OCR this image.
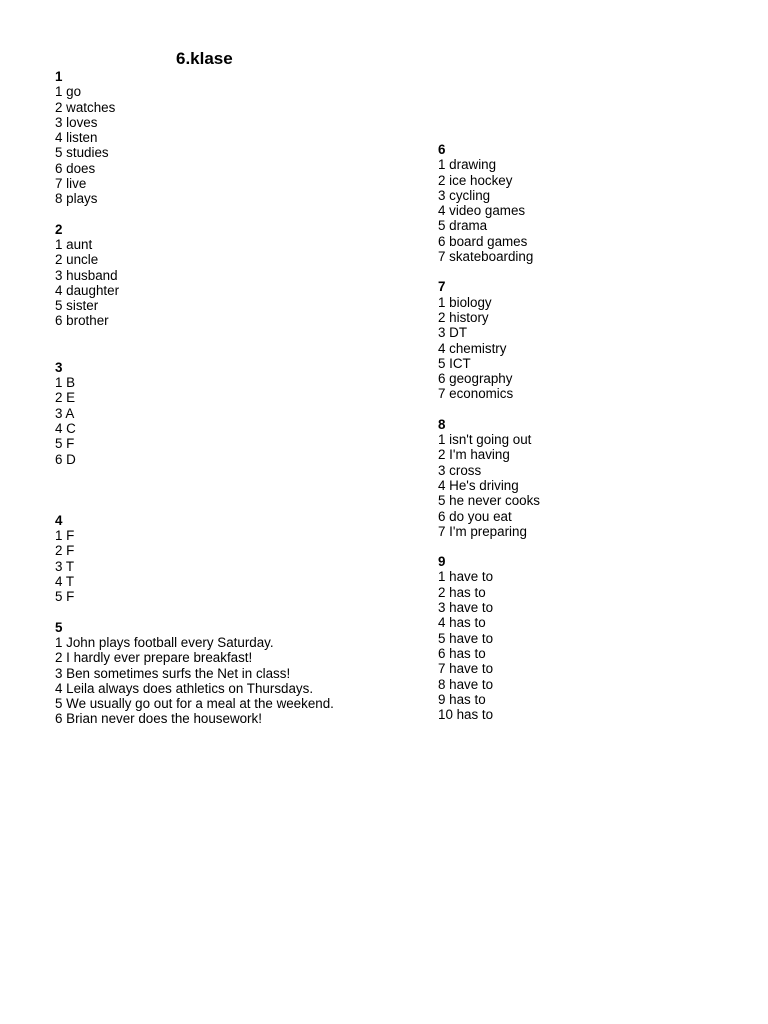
6.klase
1
1 go
2 watches
3 loves
4 listen
5 studies
6 does
7 live
8 plays
2
1 aunt
2 uncle
3 husband
4 daughter
5 sister
6 brother
3
1 B
2 E
3 A
4 C
5 F
6 D
4
1 F
2 F
3 T
4 T
5 F
5
1 John plays football every Saturday.
2 I hardly ever prepare breakfast!
3 Ben sometimes surfs the Net in class!
4 Leila always does athletics on Thursdays.
5 We usually go out for a meal at the weekend.
6 Brian never does the housework!
6
1 drawing
2 ice hockey
3 cycling
4 video games
5 drama
6 board games
7 skateboarding
7
1 biology
2 history
3 DT
4 chemistry
5 ICT
6 geography
7 economics
8
1 isn't going out
2 I'm having
3 cross
4 He's driving
5 he never cooks
6 do you eat
7 I'm preparing
9
1 have to
2 has to
3 have to
4 has to
5 have to
6 has to
7 have to
8 have to
9 has to
10 has to
